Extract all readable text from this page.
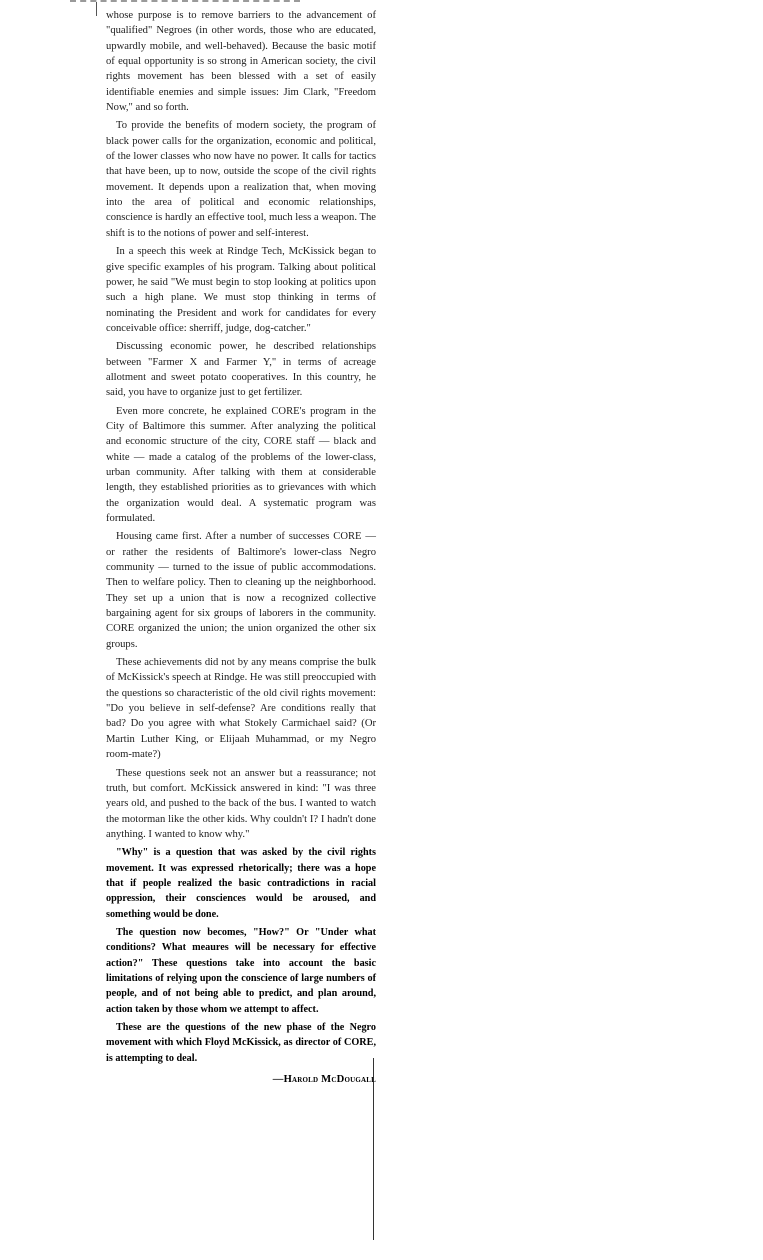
whose purpose is to remove barriers to the advancement of "qualified" Negroes (in other words, those who are educated, upwardly mobile, and well-behaved). Because the basic motif of equal opportunity is so strong in American society, the civil rights movement has been blessed with a set of easily identifiable enemies and simple issues: Jim Clark, "Freedom Now," and so forth.

To provide the benefits of modern society, the program of black power calls for the organization, economic and political, of the lower classes who now have no power. It calls for tactics that have been, up to now, outside the scope of the civil rights movement. It depends upon a realization that, when moving into the area of political and economic relationships, conscience is hardly an effective tool, much less a weapon. The shift is to the notions of power and self-interest.

In a speech this week at Rindge Tech, McKissick began to give specific examples of his program. Talking about political power, he said "We must begin to stop looking at politics upon such a high plane. We must stop thinking in terms of nominating the President and work for candidates for every conceivable office: sherriff, judge, dog-catcher."

Discussing economic power, he described relationships between "Farmer X and Farmer Y," in terms of acreage allotment and sweet potato cooperatives. In this country, he said, you have to organize just to get fertilizer.

Even more concrete, he explained CORE's program in the City of Baltimore this summer. After analyzing the political and economic structure of the city, CORE staff — black and white — made a catalog of the problems of the lower-class, urban community. After talking with them at considerable length, they established priorities as to grievances with which the organization would deal. A systematic program was formulated.

Housing came first. After a number of successes CORE — or rather the residents of Baltimore's lower-class Negro community — turned to the issue of public accommodations. Then to welfare policy. Then to cleaning up the neighborhood. They set up a union that is now a recognized collective bargaining agent for six groups of laborers in the community. CORE organized the union; the union organized the other six groups.

These achievements did not by any means comprise the bulk of McKissick's speech at Rindge. He was still preoccupied with the questions so characteristic of the old civil rights movement: "Do you believe in self-defense? Are conditions really that bad? Do you agree with what Stokely Carmichael said? (Or Martin Luther King, or Elijaah Muhammad, or my Negro room-mate?)

These questions seek not an answer but a reassurance; not truth, but comfort. McKissick answered in kind: "I was three years old, and pushed to the back of the bus. I wanted to watch the motorman like the other kids. Why couldn't I? I hadn't done anything. I wanted to know why."

"Why" is a question that was asked by the civil rights movement. It was expressed rhetorically; there was a hope that if people realized the basic contradictions in racial oppression, their consciences would be aroused, and something would be done.

The question now becomes, "How?" Or "Under what conditions? What meaures will be necessary for effective action?" These questions take into account the basic limitations of relying upon the conscience of large numbers of people, and of not being able to predict, and plan around, action taken by those whom we attempt to affect.

These are the questions of the new phase of the Negro movement with which Floyd McKissick, as director of CORE, is attempting to deal.

—Harold McDougall
